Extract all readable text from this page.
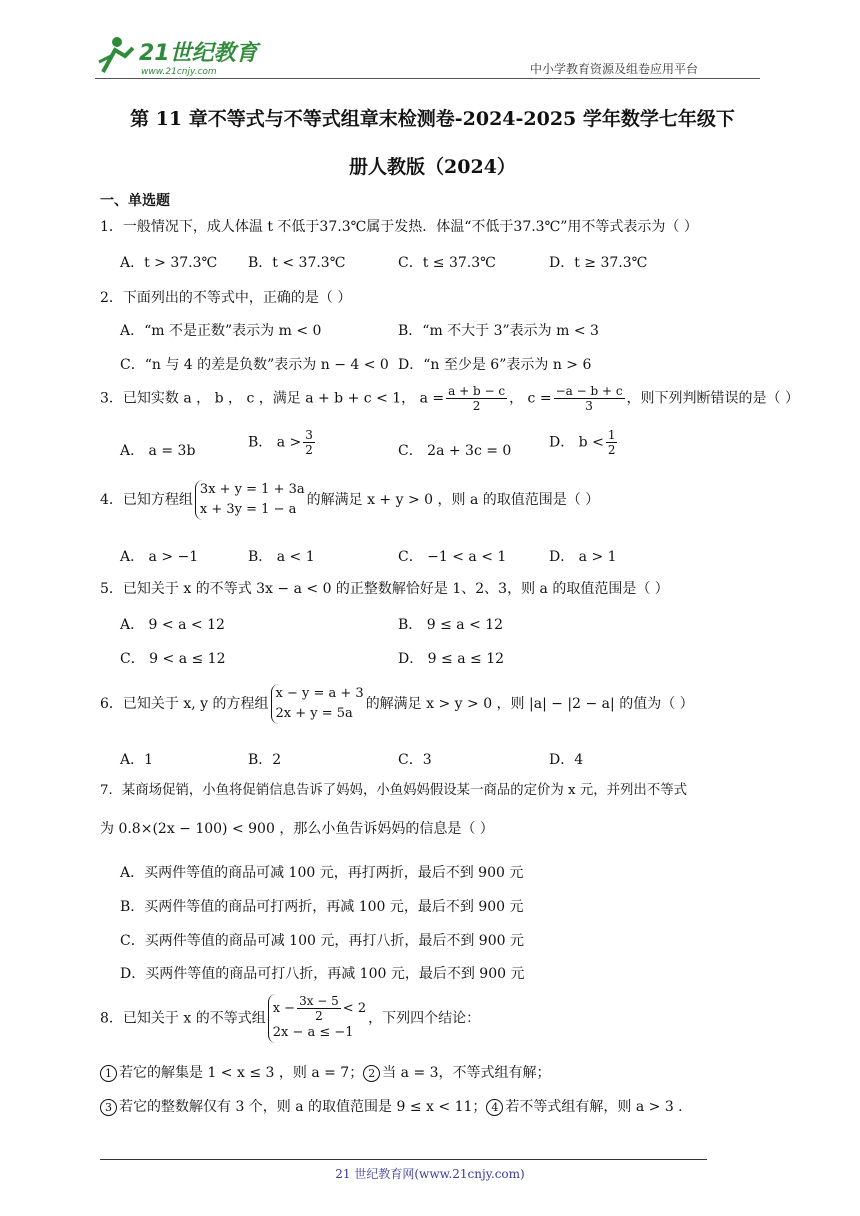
21世纪教育
www.21cnjy.com	中小学教育资源及组卷应用平台
第 11 章不等式与不等式组章末检测卷-2024-2025 学年数学七年级下
册人教版（2024）
一、单选题
1．一般情况下，成人体温 t 不低于37.3℃属于发热．体温“不低于37.3℃”用不等式表示为（ ）
A．t > 37.3℃ B．t < 37.3℃	C．t ≤ 37.3℃	D．t ≥ 37.3℃
2．下面列出的不等式中，正确的是（ ）
A．“m 不是正数”表示为 m < 0	B．“m 不大于 3”表示为 m < 3
C．“n 与 4 的差是负数”表示为 n − 4 < 0 D．“n 至少是 6”表示为 n > 6
3．已知实数 a ， b ， c ，满足 a + b + c < 1， $a = \frac{a + b - c}{2}$ ， $c = \frac{-a - b + c}{3}$ ，则下列判断错误的是（ ）
A． a = 3b
B． $a > \frac{3}{2}$	C． 2a + 3c = 0
D． $b < \frac{1}{2}$
4．已知方程组
3x + y = 1 + 3a
x + 3y = 1 − a
的解满足 x + y > 0 ，则 a 的取值范围是（ ）
A． a > −1	B． a < 1	C． −1 < a < 1	D． a > 1
5．已知关于 x 的不等式 3x − a < 0 的正整数解恰好是 1、2、3，则 a 的取值范围是（ ）
A． 9 < a < 12	B． 9 ≤ a < 12
C． 9 < a ≤ 12	D． 9 ≤ a ≤ 12
6．已知关于 x, y 的方程组
x − y = a + 3
2x + y = 5a
的解满足 x > y > 0 ，则 |a| − |2 − a| 的值为（ ）
A．1	B．2	C．3	D．4
7．某商场促销，小鱼将促销信息告诉了妈妈，小鱼妈妈假设某一商品的定价为 x 元，并列出不等式
为 0.8×(2x − 100) < 900 ，那么小鱼告诉妈妈的信息是（ ）
A．买两件等值的商品可减 100 元，再打两折，最后不到 900 元
B．买两件等值的商品可打两折，再减 100 元，最后不到 900 元
C．买两件等值的商品可减 100 元，再打八折，最后不到 900 元
D．买两件等值的商品可打八折，再减 100 元，最后不到 900 元
8．已知关于 x 的不等式组
$x - \frac{3x - 5}{2} < 2$
2x − a ≤ −1
，下列四个结论：
1 若它的解集是 1 < x ≤ 3 ，则 a = 7； 2 当 a = 3，不等式组有解；
3 若它的整数解仅有 3 个，则 a 的取值范围是 9 ≤ x < 11； 4 若不等式组有解，则 a > 3 .
21 世纪教育网(www.21cnjy.com)
